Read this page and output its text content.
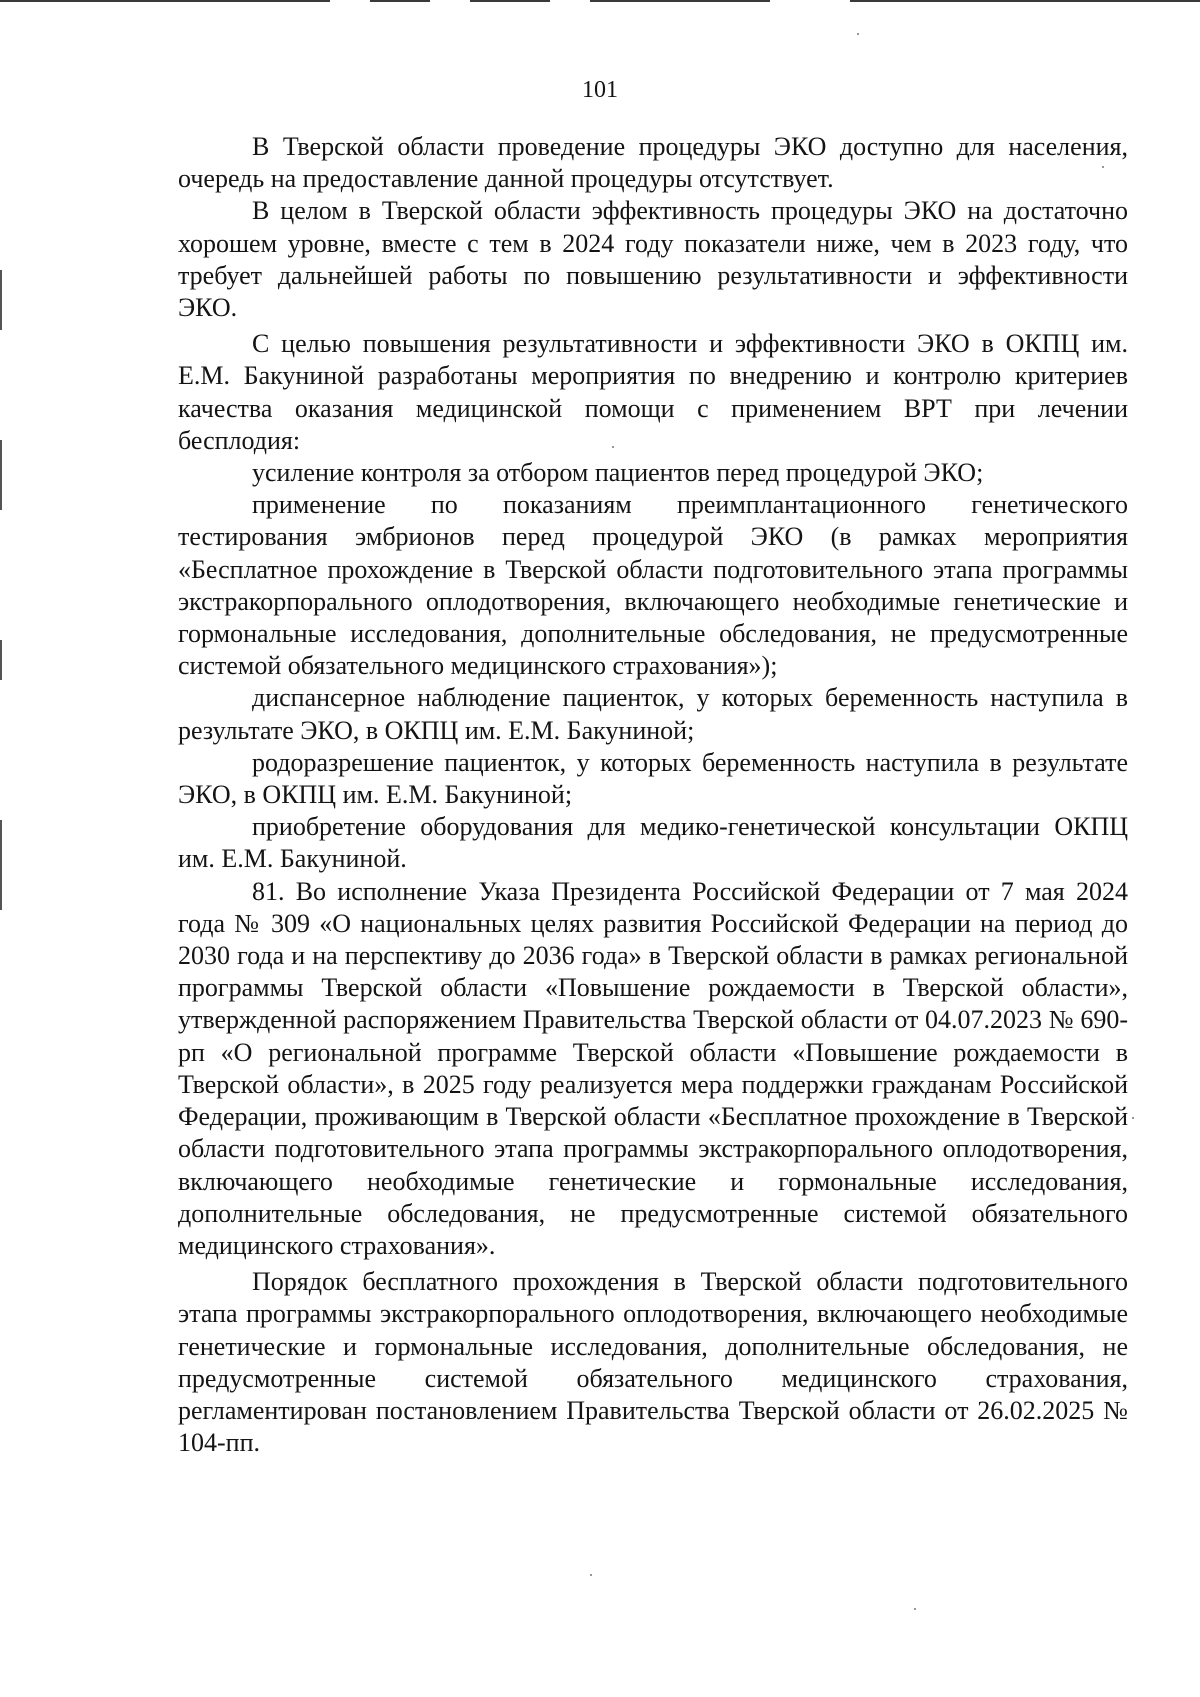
101

В Тверской области проведение процедуры ЭКО доступно для населения, очередь на предоставление данной процедуры отсутствует.

В целом в Тверской области эффективность процедуры ЭКО на достаточно хорошем уровне, вместе с тем в 2024 году показатели ниже, чем в 2023 году, что требует дальнейшей работы по повышению результативности и эффективности ЭКО.

С целью повышения результативности и эффективности ЭКО в ОКПЦ им. Е.М. Бакуниной разработаны мероприятия по внедрению и контролю критериев качества оказания медицинской помощи с применением ВРТ при лечении бесплодия:

усиление контроля за отбором пациентов перед процедурой ЭКО;

применение по показаниям преимплантационного генетического тестирования эмбрионов перед процедурой ЭКО (в рамках мероприятия «Бесплатное прохождение в Тверской области подготовительного этапа программы экстракорпорального оплодотворения, включающего необходимые генетические и гормональные исследования, дополнительные обследования, не предусмотренные системой обязательного медицинского страхования»);

диспансерное наблюдение пациенток, у которых беременность наступила в результате ЭКО, в ОКПЦ им. Е.М. Бакуниной;

родоразрешение пациенток, у которых беременность наступила в результате ЭКО, в ОКПЦ им. Е.М. Бакуниной;

приобретение оборудования для медико-генетической консультации ОКПЦ им. Е.М. Бакуниной.

81. Во исполнение Указа Президента Российской Федерации от 7 мая 2024 года № 309 «О национальных целях развития Российской Федерации на период до 2030 года и на перспективу до 2036 года» в Тверской области в рамках региональной программы Тверской области «Повышение рождаемости в Тверской области», утвержденной распоряжением Правительства Тверской области от 04.07.2023 № 690-рп «О региональной программе Тверской области «Повышение рождаемости в Тверской области», в 2025 году реализуется мера поддержки гражданам Российской Федерации, проживающим в Тверской области «Бесплатное прохождение в Тверской области подготовительного этапа программы экстракорпорального оплодотворения, включающего необходимые генетические и гормональные исследования, дополнительные обследования, не предусмотренные системой обязательного медицинского страхования».

Порядок бесплатного прохождения в Тверской области подготовительного этапа программы экстракорпорального оплодотворения, включающего необходимые генетические и гормональные исследования, дополнительные обследования, не предусмотренные системой обязательного медицинского страхования, регламентирован постановлением Правительства Тверской области от 26.02.2025 № 104-пп.
